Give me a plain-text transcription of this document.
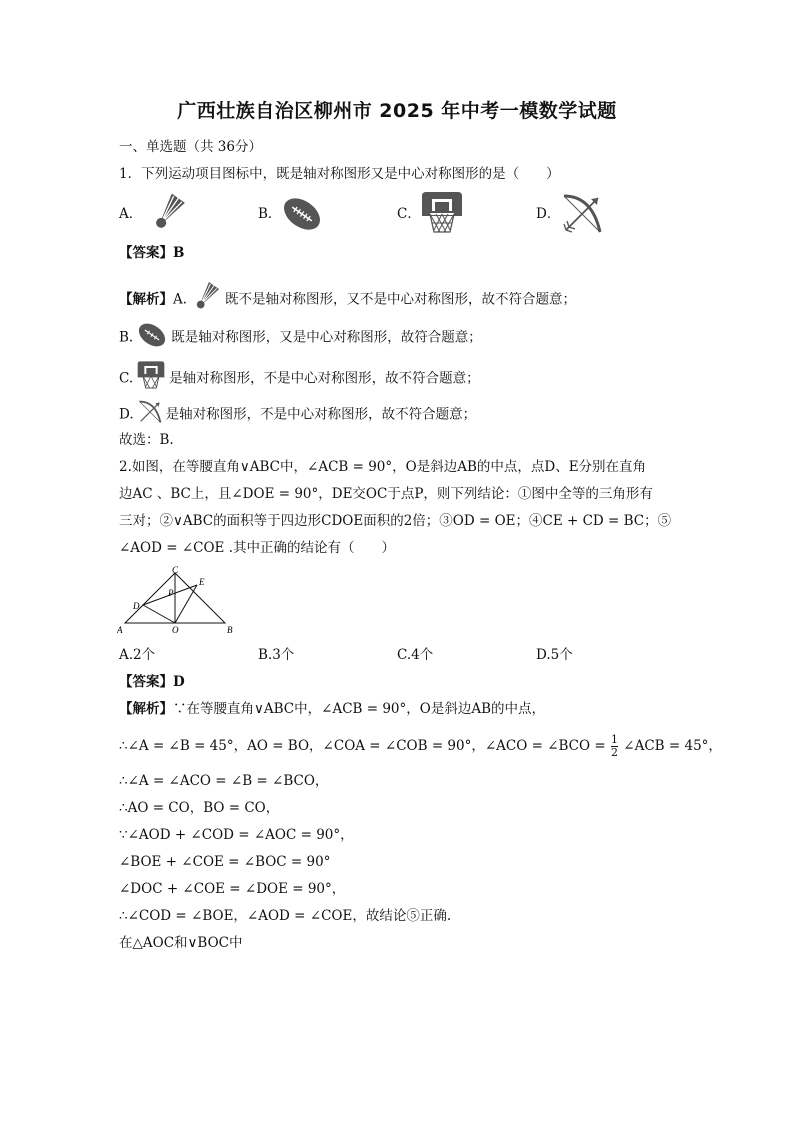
广西壮族自治区柳州市 2025 年中考一模数学试题
一、单选题（共 36分）
1．下列运动项目图标中，既是轴对称图形又是中心对称图形的是（　　）
A．	B．	C．	D．
【答案】B
【解析】A.	既不是轴对称图形，又不是中心对称图形，故不符合题意；
B.	既是轴对称图形，又是中心对称图形，故符合题意；
C.	是轴对称图形，不是中心对称图形，故不符合题意；
D. 是轴对称图形，不是中心对称图形，故不符合题意；
故选：B.
2.如图，在等腰直角∨ABC中，∠ACB = 90°，O是斜边AB的中点，点D、E分别在直角
边AC 、BC上，且∠DOE = 90°，DE交OC于点P，则下列结论：①图中全等的三角形有
三对；②∨ABC的面积等于四边形CDOE面积的2倍；③OD = OE；④CE + CD = BC；⑤
∠AOD = ∠COE .其中正确的结论有（　　）
A	B
C
D
E
O
P
A.2个	B.3个	C.4个	D.5个
【答案】D
【解析】∵在等腰直角∨ABC中，∠ACB = 90°，O是斜边AB的中点，
∴∠A = ∠B = 45°，AO = BO，∠COA = ∠COB = 90°，∠ACO = ∠BCO = $\frac{1}{2}$ ∠ACB = 45°，
∴∠A = ∠ACO = ∠B = ∠BCO，
∴AO = CO，BO = CO，
∵∠AOD + ∠COD = ∠AOC = 90°，
∠BOE + ∠COE = ∠BOC = 90°
∠DOC + ∠COE = ∠DOE = 90°，
∴∠COD = ∠BOE，∠AOD = ∠COE，故结论⑤正确.
在△AOC和∨BOC中
